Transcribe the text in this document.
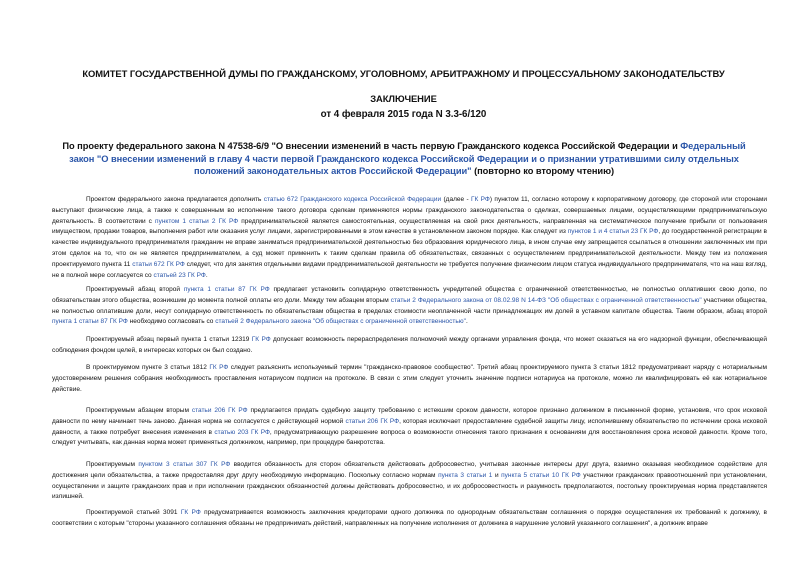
КОМИТЕТ ГОСУДАРСТВЕННОЙ ДУМЫ ПО ГРАЖДАНСКОМУ, УГОЛОВНОМУ, АРБИТРАЖНОМУ И ПРОЦЕССУАЛЬНОМУ ЗАКОНОДАТЕЛЬСТВУ
ЗАКЛЮЧЕНИЕ
от 4 февраля 2015 года N 3.3-6/120
По проекту федерального закона N 47538-6/9 "О внесении изменений в часть первую Гражданского кодекса Российской Федерации и Федеральный закон "О внесении изменений в главу 4 части первой Гражданского кодекса Российской Федерации и о признании утратившими силу отдельных положений законодательных актов Российской Федерации" (повторно ко второму чтению)

Проектом федерального закона предлагается дополнить статью 672 Гражданского кодекса Российской Федерации (далее - ГК РФ) пунктом 11, согласно которому к корпоративному договору, где стороной или сторонами выступают физические лица, а также к совершенным во исполнение такого договора сделкам применяются нормы гражданского законодательства о сделках, совершаемых лицами, осуществляющими предпринимательскую деятельность. В соответствии с пунктом 1 статьи 2 ГК РФ предпринимательской является самостоятельная, осуществляемая на свой риск деятельность, направленная на систематическое получение прибыли от пользования имуществом, продажи товаров, выполнения работ или оказания услуг лицами, зарегистрированными в этом качестве в установленном законом порядке. Как следует из пунктов 1 и 4 статьи 23 ГК РФ, до государственной регистрации в качестве индивидуального предпринимателя гражданин не вправе заниматься предпринимательской деятельностью без образования юридического лица, в ином случае ему запрещается ссылаться в отношении заключенных им при этом сделок на то, что он не является предпринимателем, а суд может применить к таким сделкам правила об обязательствах, связанных с осуществлением предпринимательской деятельности. Между тем из положения проектируемого пункта 11 статьи 672 ГК РФ следует, что для занятия отдельными видами предпринимательской деятельности не требуется получение физическим лицом статуса индивидуального предпринимателя, что на наш взгляд, не в полной мере согласуется со статьей 23 ГК РФ.

Проектируемый абзац второй пункта 1 статьи 87 ГК РФ предлагает установить солидарную ответственность учредителей общества с ограниченной ответственностью, не полностью оплативших свою долю, по обязательствам этого общества, возникшим до момента полной оплаты его доли. Между тем абзацем вторым статьи 2 Федерального закона от 08.02.98 N 14-ФЗ "Об обществах с ограниченной ответственностью" участники общества, не полностью оплатившие доли, несут солидарную ответственность по обязательствам общества в пределах стоимости неоплаченной части принадлежащих им долей в уставном капитале общества. Таким образом, абзац второй пункта 1 статьи 87 ГК РФ необходимо согласовать со статьей 2 Федерального закона "Об обществах с ограниченной ответственностью".

Проектируемый абзац первый пункта 1 статьи 12319 ГК РФ допускает возможность перераспределения полномочий между органами управления фонда, что может сказаться на его надзорной функции, обеспечивающей соблюдения фондом целей, в интересах которых он был создано.

В проектируемом пункте 3 статьи 1812 ГК РФ следует разъяснить используемый термин "гражданско-правовое сообщество". Третий абзац проектируемого пункта 3 статьи 1812 предусматривает наряду с нотариальным удостоверением решения собрания необходимость проставления нотариусом подписи на протоколе. В связи с этим следует уточнить значение подписи нотариуса на протоколе, можно ли квалифицировать её как нотариальное действие.

Проектируемым абзацем вторым статьи 206 ГК РФ предлагается придать судебную защиту требованию с истекшим сроком давности, которое признано должником в письменной форме, установив, что срок исковой давности по нему начинает течь заново. Данная норма не согласуется с действующей нормой статьи 206 ГК РФ, которая исключает предоставление судебной защиты лицу, исполнившему обязательство по истечении срока исковой давности, а также потребует внесения изменения в статью 203 ГК РФ, предусматривающую разрешение вопроса о возможности отнесения такого признания к основаниям для восстановления срока исковой давности. Кроме того, следует учитывать, как данная норма может применяться должником, например, при процедуре банкротства.

Проектируемым пунктом 3 статьи 307 ГК РФ вводится обязанность для сторон обязательств действовать добросовестно, учитывая законные интересы друг друга, взаимно оказывая необходимое содействие для достижения цели обязательства, а также предоставляя друг другу необходимую информацию. Поскольку согласно нормам пункта 3 статьи 1 и пункта 5 статьи 10 ГК РФ участники гражданских правоотношений при установлении, осуществлении и защите гражданских прав и при исполнении гражданских обязанностей должны действовать добросовестно, и их добросовестность и разумность предполагаются, постольку проектируемая норма представляется излишней.

Проектируемой статьей 3091 ГК РФ предусматривается возможность заключения кредиторами одного должника по однородным обязательствам соглашения о порядке осуществления их требований к должнику, в соответствии с которым "стороны указанного соглашения обязаны не предпринимать действий, направленных на получение исполнения от должника в нарушение условий указанного соглашения", а должник вправе
